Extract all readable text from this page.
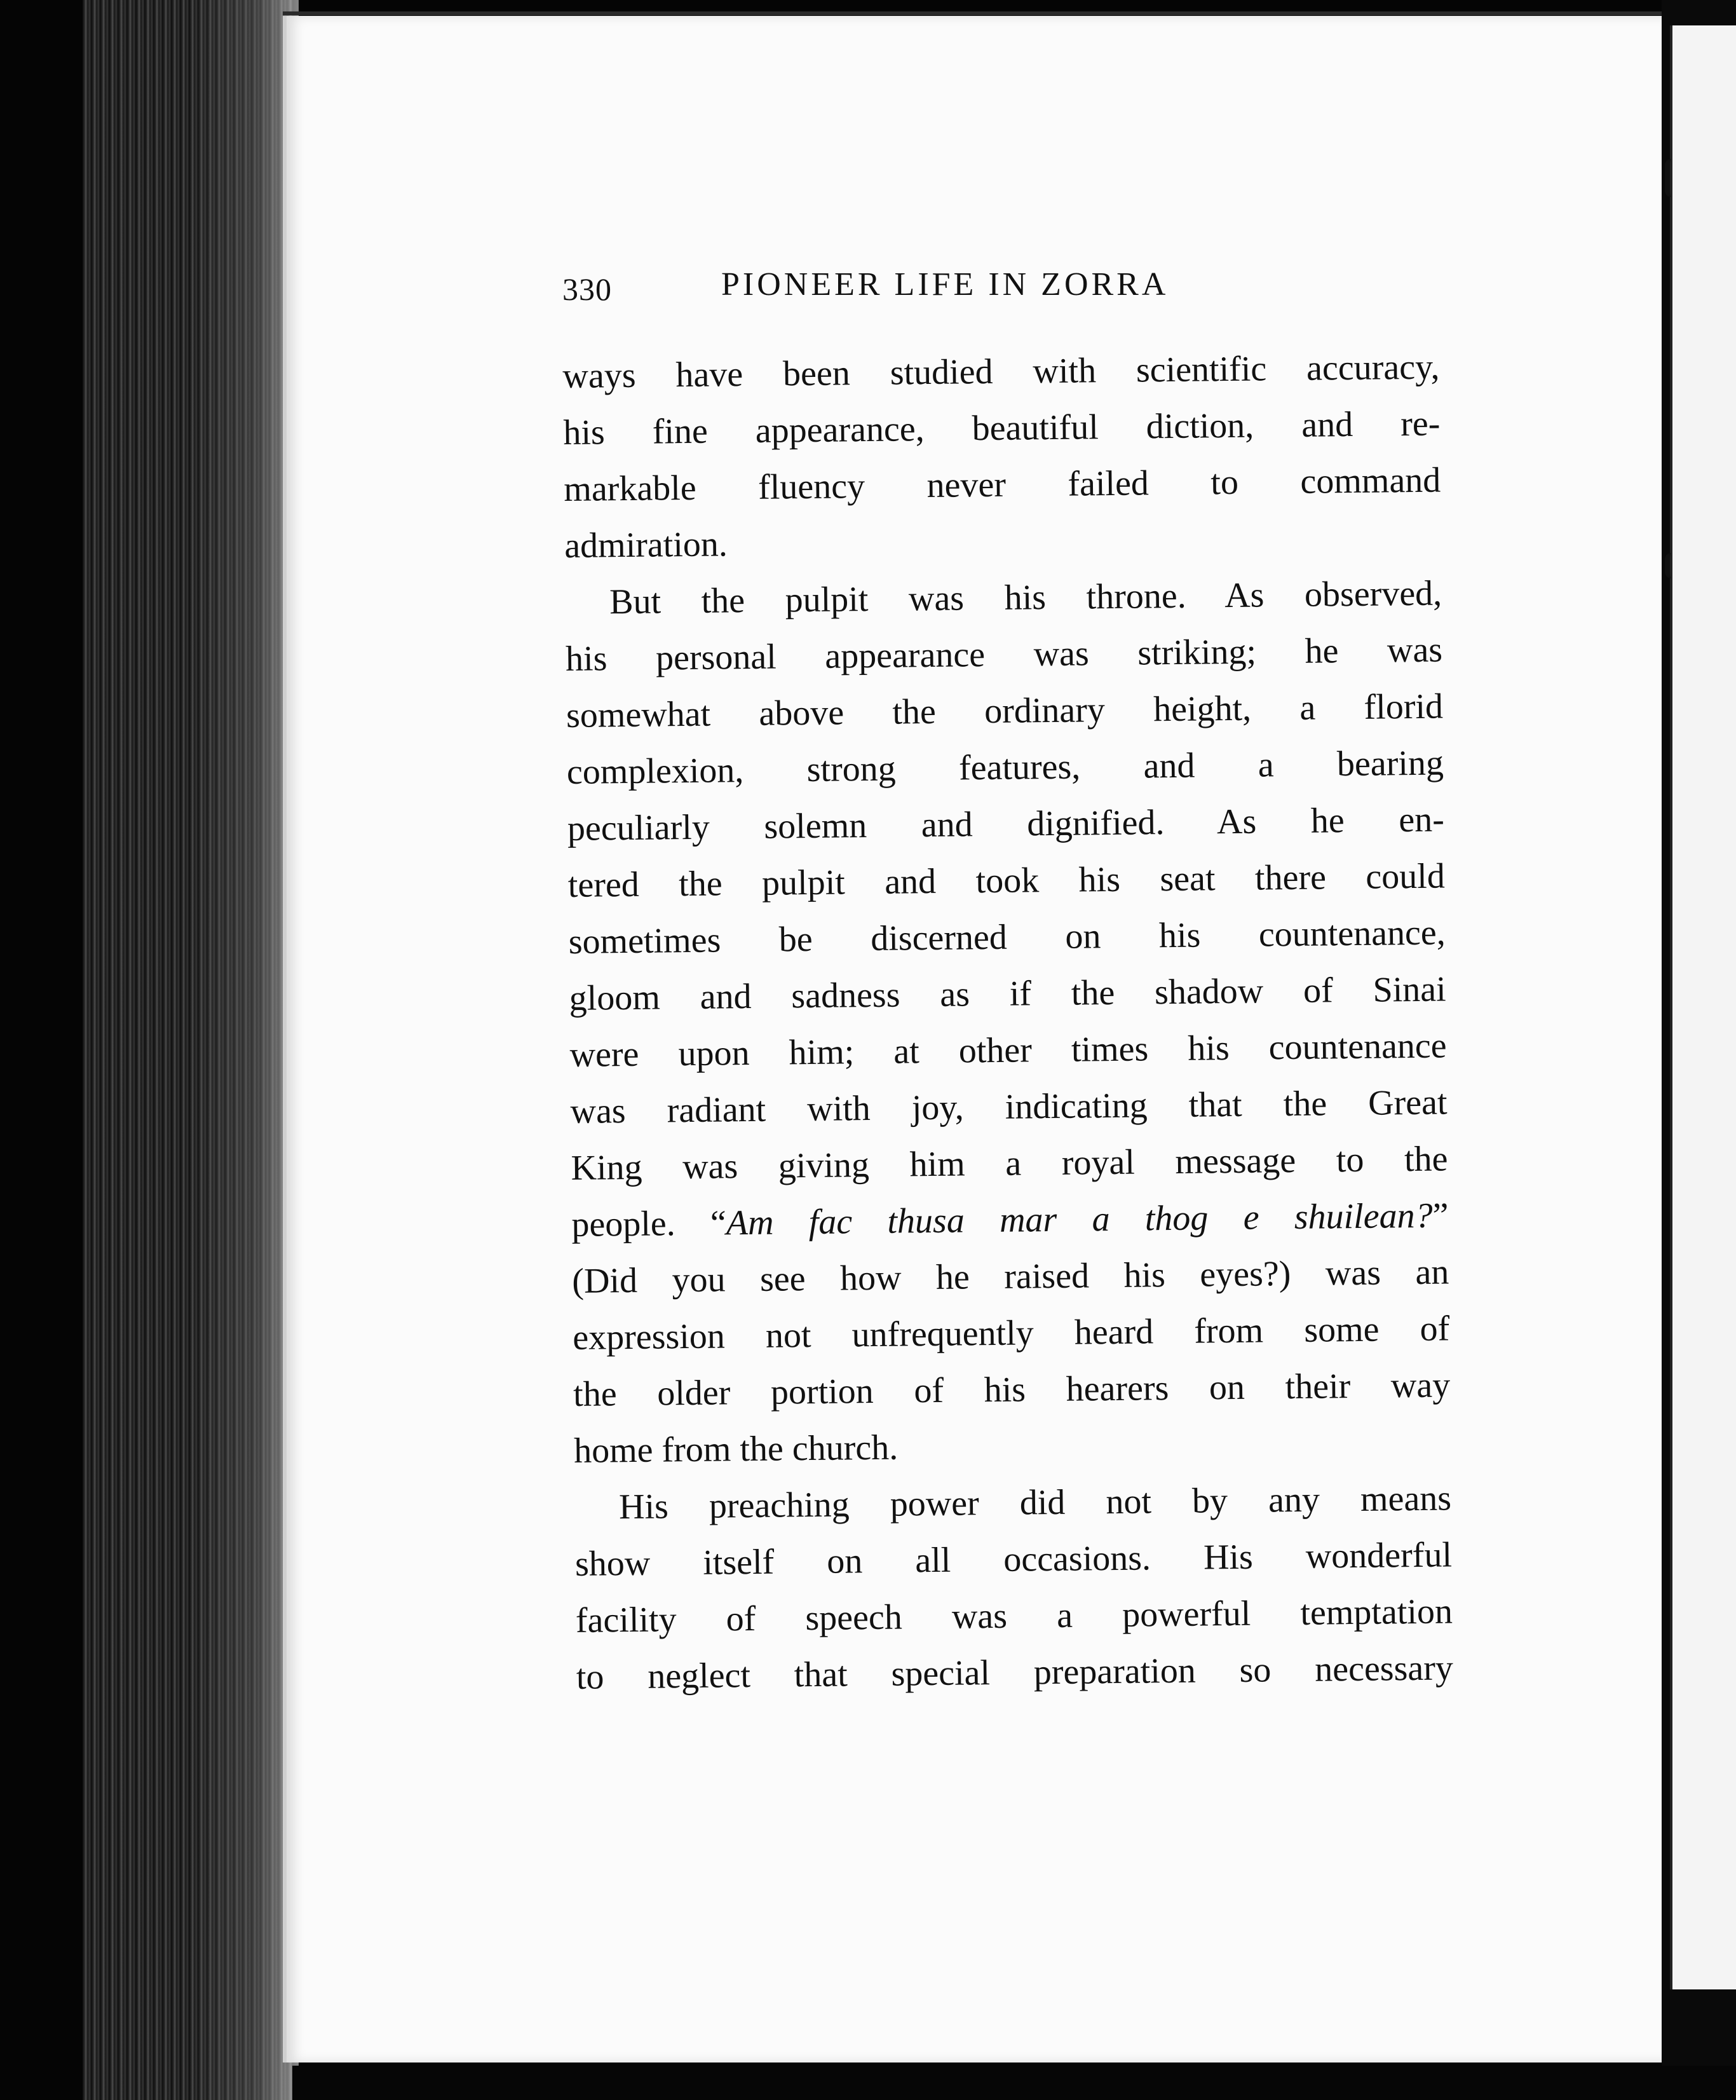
330	PIONEER LIFE IN ZORRA
ways have been studied with scientific accuracy,
his fine appearance, beautiful diction, and re-
markable fluency never failed to command
admiration.
But the pulpit was his throne. As observed,
his personal appearance was striking; he was
somewhat above the ordinary height, a florid
complexion, strong features, and a bearing
peculiarly solemn and dignified. As he en-
tered the pulpit and took his seat there could
sometimes be discerned on his countenance,
gloom and sadness as if the shadow of Sinai
were upon him; at other times his countenance
was radiant with joy, indicating that the Great
King was giving him a royal message to the
people. “Am fac thusa mar a thog e shuilean?”
(Did you see how he raised his eyes?) was an
expression not unfrequently heard from some of
the older portion of his hearers on their way
home from the church.
His preaching power did not by any means
show itself on all occasions. His wonderful
facility of speech was a powerful temptation
to neglect that special preparation so necessary
